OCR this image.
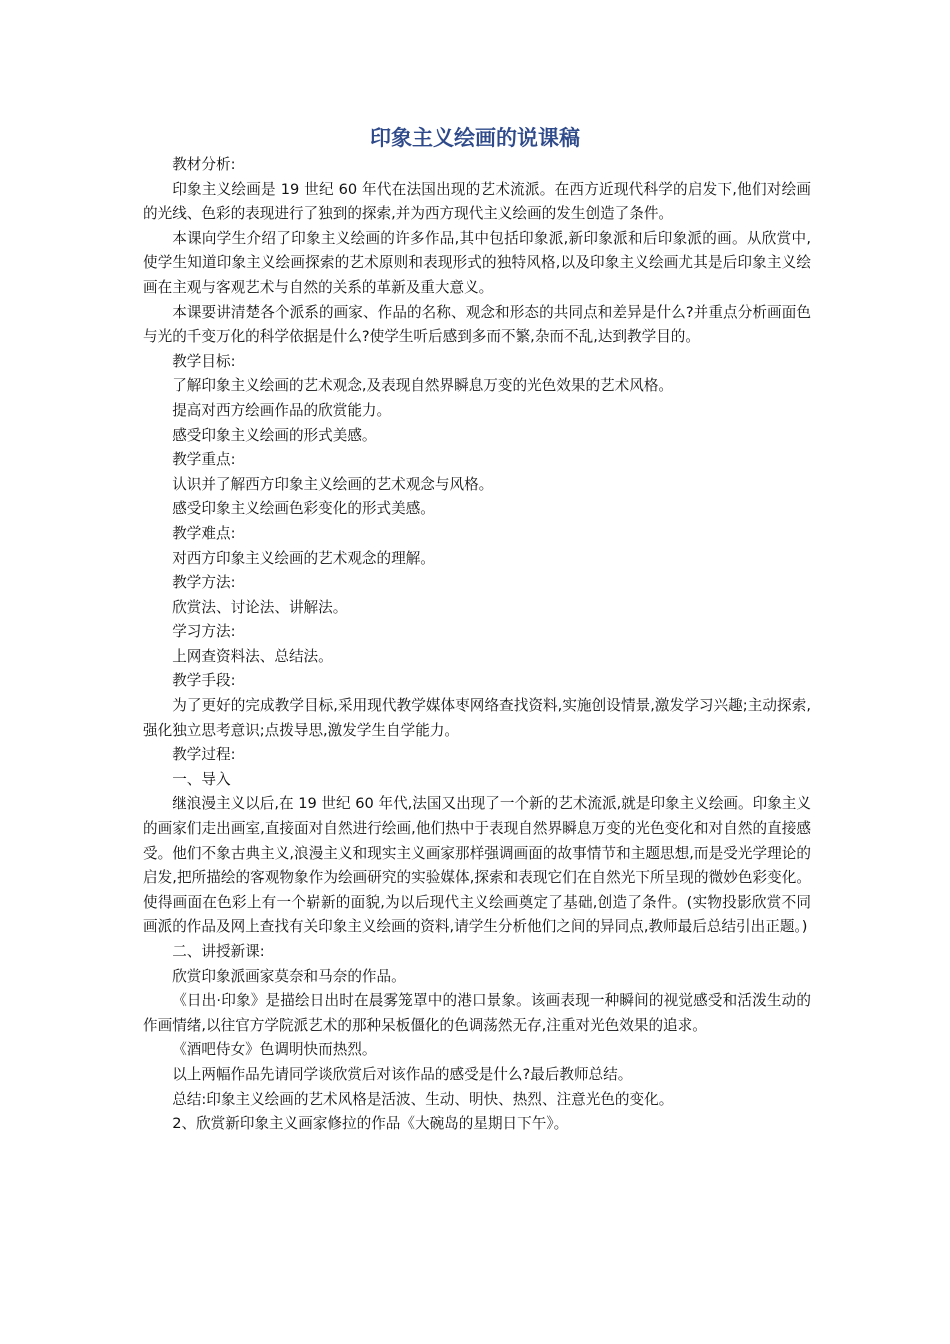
印象主义绘画的说课稿

教材分析:

印象主义绘画是 19 世纪 60 年代在法国出现的艺术流派。在西方近现代科学的启发下,他们对绘画的光线、色彩的表现进行了独到的探索,并为西方现代主义绘画的发生创造了条件。

本课向学生介绍了印象主义绘画的许多作品,其中包括印象派,新印象派和后印象派的画。从欣赏中,使学生知道印象主义绘画探索的艺术原则和表现形式的独特风格,以及印象主义绘画尤其是后印象主义绘画在主观与客观艺术与自然的关系的革新及重大意义。

本课要讲清楚各个派系的画家、作品的名称、观念和形态的共同点和差异是什么?并重点分析画面色与光的千变万化的科学依据是什么?使学生听后感到多而不繁,杂而不乱,达到教学目的。

教学目标:

了解印象主义绘画的艺术观念,及表现自然界瞬息万变的光色效果的艺术风格。

提高对西方绘画作品的欣赏能力。

感受印象主义绘画的形式美感。

教学重点:

认识并了解西方印象主义绘画的艺术观念与风格。

感受印象主义绘画色彩变化的形式美感。

教学难点:

对西方印象主义绘画的艺术观念的理解。

教学方法:

欣赏法、讨论法、讲解法。

学习方法:

上网查资料法、总结法。

教学手段:

为了更好的完成教学目标,采用现代教学媒体枣网络查找资料,实施创设情景,激发学习兴趣;主动探索,强化独立思考意识;点拨导思,激发学生自学能力。

教学过程:

一、导入

继浪漫主义以后,在 19 世纪 60 年代,法国又出现了一个新的艺术流派,就是印象主义绘画。印象主义的画家们走出画室,直接面对自然进行绘画,他们热中于表现自然界瞬息万变的光色变化和对自然的直接感受。他们不象古典主义,浪漫主义和现实主义画家那样强调画面的故事情节和主题思想,而是受光学理论的启发,把所描绘的客观物象作为绘画研究的实验媒体,探索和表现它们在自然光下所呈现的微妙色彩变化。使得画面在色彩上有一个崭新的面貌,为以后现代主义绘画奠定了基础,创造了条件。(实物投影欣赏不同画派的作品及网上查找有关印象主义绘画的资料,请学生分析他们之间的异同点,教师最后总结引出正题。)

二、讲授新课:

欣赏印象派画家莫奈和马奈的作品。

《日出·印象》是描绘日出时在晨雾笼罩中的港口景象。该画表现一种瞬间的视觉感受和活泼生动的作画情绪,以往官方学院派艺术的那种呆板僵化的色调荡然无存,注重对光色效果的追求。

《酒吧侍女》色调明快而热烈。

以上两幅作品先请同学谈欣赏后对该作品的感受是什么?最后教师总结。

总结:印象主义绘画的艺术风格是活波、生动、明快、热烈、注意光色的变化。

2、欣赏新印象主义画家修拉的作品《大碗岛的星期日下午》。
